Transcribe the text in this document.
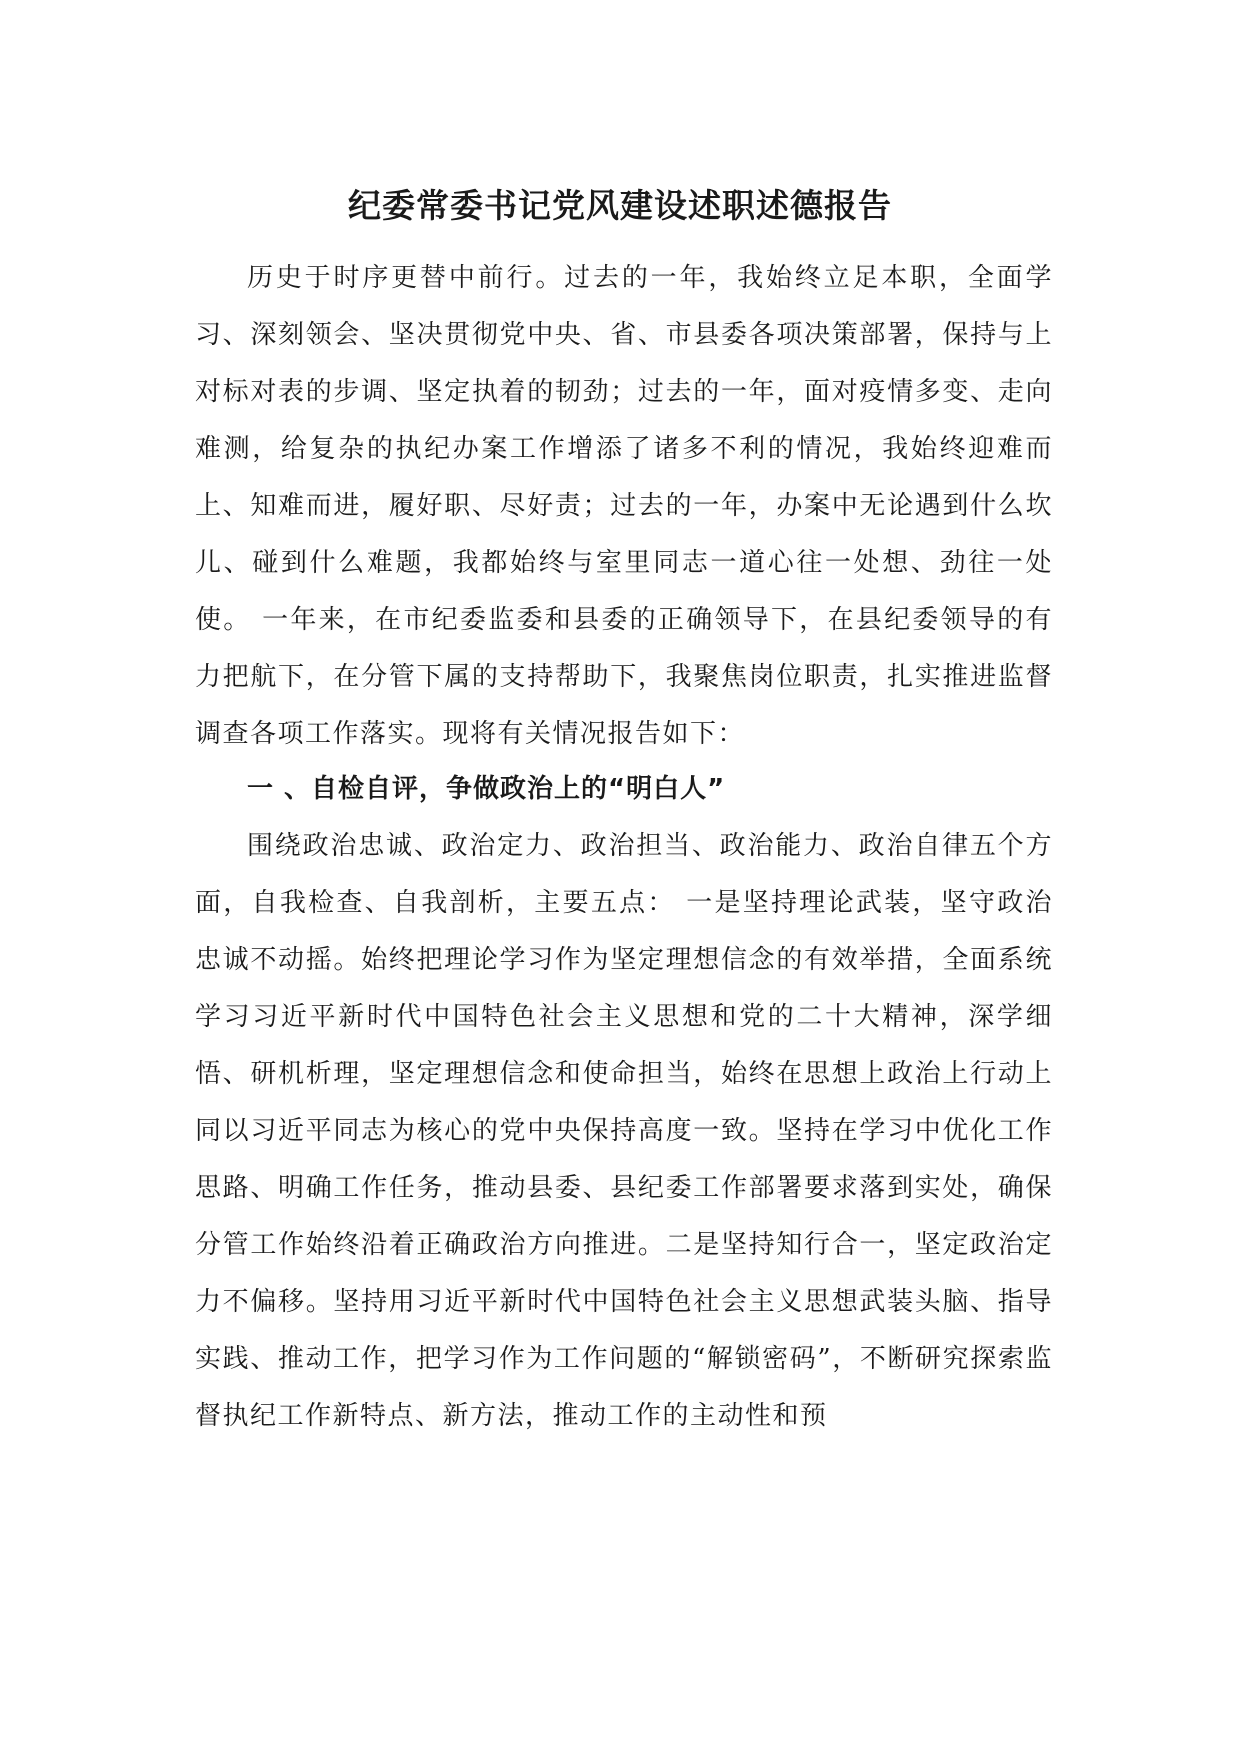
纪委常委书记党风建设述职述德报告

历史于时序更替中前行。过去的一年，我始终立足本职，全面学习、深刻领会、坚决贯彻党中央、省、市县委各项决策部署，保持与上对标对表的步调、坚定执着的韧劲；过去的一年，面对疫情多变、走向难测，给复杂的执纪办案工作增添了诸多不利的情况，我始终迎难而上、知难而进，履好职、尽好责；过去的一年，办案中无论遇到什么坎儿、碰到什么难题，我都始终与室里同志一道心往一处想、劲往一处使。 一年来，在市纪委监委和县委的正确领导下，在县纪委领导的有力把航下，在分管下属的支持帮助下，我聚焦岗位职责，扎实推进监督调查各项工作落实。现将有关情况报告如下：

一 、自检自评，争做政治上的“明白人”

围绕政治忠诚、政治定力、政治担当、政治能力、政治自律五个方面，自我检查、自我剖析，主要五点： 一是坚持理论武装，坚守政治忠诚不动摇。始终把理论学习作为坚定理想信念的有效举措，全面系统学习习近平新时代中国特色社会主义思想和党的二十大精神，深学细悟、研机析理，坚定理想信念和使命担当，始终在思想上政治上行动上同以习近平同志为核心的党中央保持高度一致。坚持在学习中优化工作思路、明确工作任务，推动县委、县纪委工作部署要求落到实处，确保分管工作始终沿着正确政治方向推进。二是坚持知行合一，坚定政治定力不偏移。坚持用习近平新时代中国特色社会主义思想武装头脑、指导实践、推动工作，把学习作为工作问题的“解锁密码”，不断研究探索监督执纪工作新特点、新方法，推动工作的主动性和预
